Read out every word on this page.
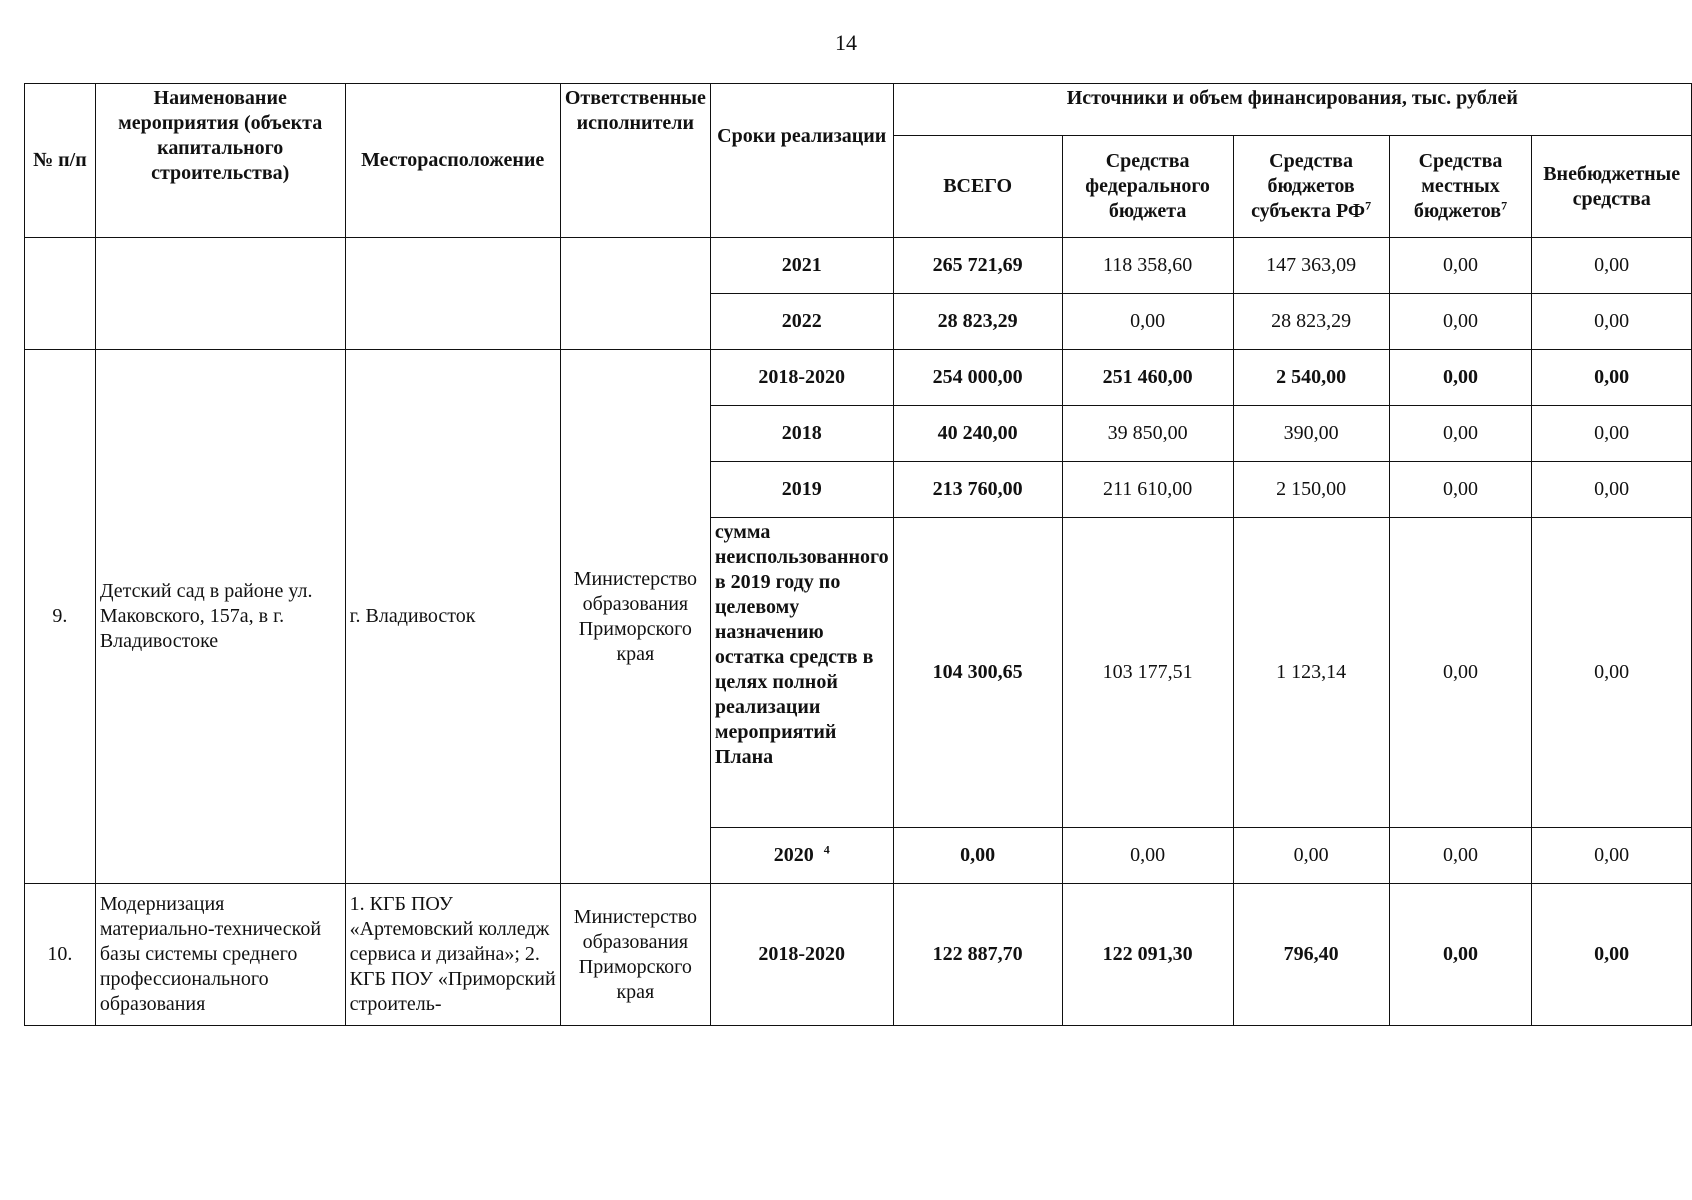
14
№ п/п	Наименование мероприятия (объекта капитального строительства)	Месторасположение	Ответственные исполнители	Сроки реализации	Источники и объем финансирования, тыс. рублей				
					ВСЕГО	Средства федерального бюджета	Средства бюджетов субъекта $РФ^7$	Средства местных бюджетов$^7$	Внебюджетные средства
				2021	265 721,69	118 358,60	147 363,09	0,00	0,00
				2022	28 823,29	0,00	28 823,29	0,00	0,00
9.	Детский сад в районе ул. Маковского, 157а, в г. Владивостоке	г. Владивосток	Министерство образования Приморского края	2018-2020	254 000,00	251 460,00	2 540,00	0,00	0,00
				2018	40 240,00	39 850,00	390,00	0,00	0,00
				2019	213 760,00	211 610,00	2 150,00	0,00	0,00
				сумма неиспользованного в 2019 году по целевому назначению остатка средств в целях полной реализации мероприятий Плана	104 300,65	103 177,51	1 123,14	0,00	0,00
				2020 $^4$	0,00	0,00	0,00	0,00	0,00
10.	Модернизация материально-технической базы системы среднего профессионального образования	1. КГБ ПОУ «Артемовский колледж сервиса и дизайна»; 2. КГБ ПОУ «Приморский строитель-	Министерство образования Приморского края	2018-2020	122 887,70	122 091,30	796,40	0,00	0,00
